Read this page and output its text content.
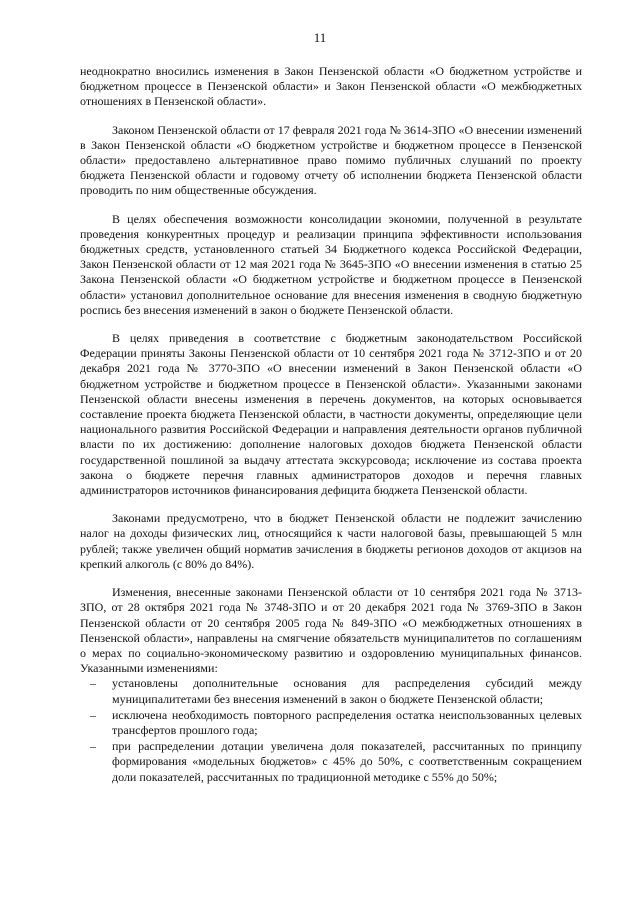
11

неоднократно вносились изменения в Закон Пензенской области «О бюджетном устройстве и бюджетном процессе в Пензенской области» и Закон Пензенской области «О межбюджетных отношениях в Пензенской области».

Законом Пензенской области от 17 февраля 2021 года № 3614-ЗПО «О внесении изменений в Закон Пензенской области «О бюджетном устройстве и бюджетном процессе в Пензенской области» предоставлено альтернативное право помимо публичных слушаний по проекту бюджета Пензенской области и годовому отчету об исполнении бюджета Пензенской области проводить по ним общественные обсуждения.

В целях обеспечения возможности консолидации экономии, полученной в результате проведения конкурентных процедур и реализации принципа эффективности использования бюджетных средств, установленного статьей 34 Бюджетного кодекса Российской Федерации, Закон Пензенской области от 12 мая 2021 года № 3645-ЗПО «О внесении изменения в статью 25 Закона Пензенской области «О бюджетном устройстве и бюджетном процессе в Пензенской области» установил дополнительное основание для внесения изменения в сводную бюджетную роспись без внесения изменений в закон о бюджете Пензенской области.

В целях приведения в соответствие с бюджетным законодательством Российской Федерации приняты Законы Пензенской области от 10 сентября 2021 года № 3712-ЗПО и от 20 декабря 2021 года № 3770-ЗПО «О внесении изменений в Закон Пензенской области «О бюджетном устройстве и бюджетном процессе в Пензенской области». Указанными законами Пензенской области внесены изменения в перечень документов, на которых основывается составление проекта бюджета Пензенской области, в частности документы, определяющие цели национального развития Российской Федерации и направления деятельности органов публичной власти по их достижению: дополнение налоговых доходов бюджета Пензенской области государственной пошлиной за выдачу аттестата экскурсовода; исключение из состава проекта закона о бюджете перечня главных администраторов доходов и перечня главных администраторов источников финансирования дефицита бюджета Пензенской области.

Законами предусмотрено, что в бюджет Пензенской области не подлежит зачислению налог на доходы физических лиц, относящийся к части налоговой базы, превышающей 5 млн рублей; также увеличен общий норматив зачисления в бюджеты регионов доходов от акцизов на крепкий алкоголь (с 80% до 84%).

Изменения, внесенные законами Пензенской области от 10 сентября 2021 года № 3713-ЗПО, от 28 октября 2021 года № 3748-ЗПО и от 20 декабря 2021 года № 3769-ЗПО в Закон Пензенской области от 20 сентября 2005 года № 849-ЗПО «О межбюджетных отношениях в Пензенской области», направлены на смягчение обязательств муниципалитетов по соглашениям о мерах по социально-экономическому развитию и оздоровлению муниципальных финансов. Указанными изменениями:

– установлены дополнительные основания для распределения субсидий между муниципалитетами без внесения изменений в закон о бюджете Пензенской области;
– исключена необходимость повторного распределения остатка неиспользованных целевых трансфертов прошлого года;
– при распределении дотации увеличена доля показателей, рассчитанных по принципу формирования «модельных бюджетов» с 45% до 50%, с соответственным сокращением доли показателей, рассчитанных по традиционной методике с 55% до 50%;
